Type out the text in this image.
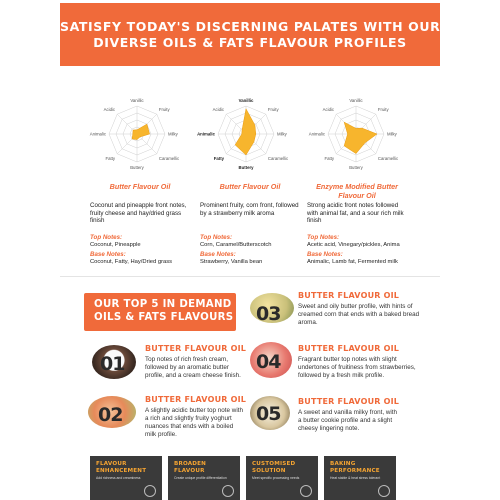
SATISFY TODAY'S DISCERNING PALATES WITH OUR
DIVERSE OILS & FATS FLAVOUR PROFILES
Vanillic
Fruity
Milky
Caramellic
Buttery
Fatty
Animalic
Acidic
Vanillic
Fruity
Milky
Caramellic
Buttery
Fatty
Animalic
Acidic
Vanillic
Fruity
Milky
Caramellic
Buttery
Fatty
Animalic
Acidic
Butter Flavour Oil
Coconut and pineapple front notes, fruity cheese and hay/dried grass finish
Top Notes:
Coconut, Pineapple
Base Notes:
Coconut, Fatty, Hay/Dried grass
Butter Flavour Oil
Prominent fruity, corn front, followed by a strawberry milk aroma
Top Notes:
Corn, Caramel/Butterscotch
Base Notes:
Strawberry, Vanilla bean
Enzyme Modified Butter Flavour Oil
Strong acidic front notes followed with animal fat, and a sour rich milk finish
Top Notes:
Acetic acid, Vinegary/pickles, Anima
Base Notes:
Animalic, Lamb fat, Fermented milk
OUR TOP 5 IN DEMAND
OILS & FATS FLAVOURS 03
01	04
02	05
BUTTER FLAVOUR OIL
Sweet and oily butter profile, with hints of creamed corn that ends with a baked bread aroma.
BUTTER FLAVOUR OIL
Top notes of rich fresh cream, followed by an aromatic butter profile, and a cream cheese finish.
BUTTER FLAVOUR OIL
Fragrant butter top notes with slight undertones of fruitiness from strawberries, followed by a fresh milk profile.
BUTTER FLAVOUR OIL
A slightly acidic butter top note with a rich and slightly fruity yoghurt nuances that ends with a boiled milk profile.
BUTTER FLAVOUR OIL
A sweet and vanilla milky front, with a butter cookie profile and a slight cheesy lingering note.
FLAVOUR
ENHANCEMENT
Add richness and creaminess
BROADEN
FLAVOUR
Create unique profile differentiation
CUSTOMISED
SOLUTION
Meet specific processing needs
BAKING
PERFORMANCE
Heat stable & heat stress tolerant
